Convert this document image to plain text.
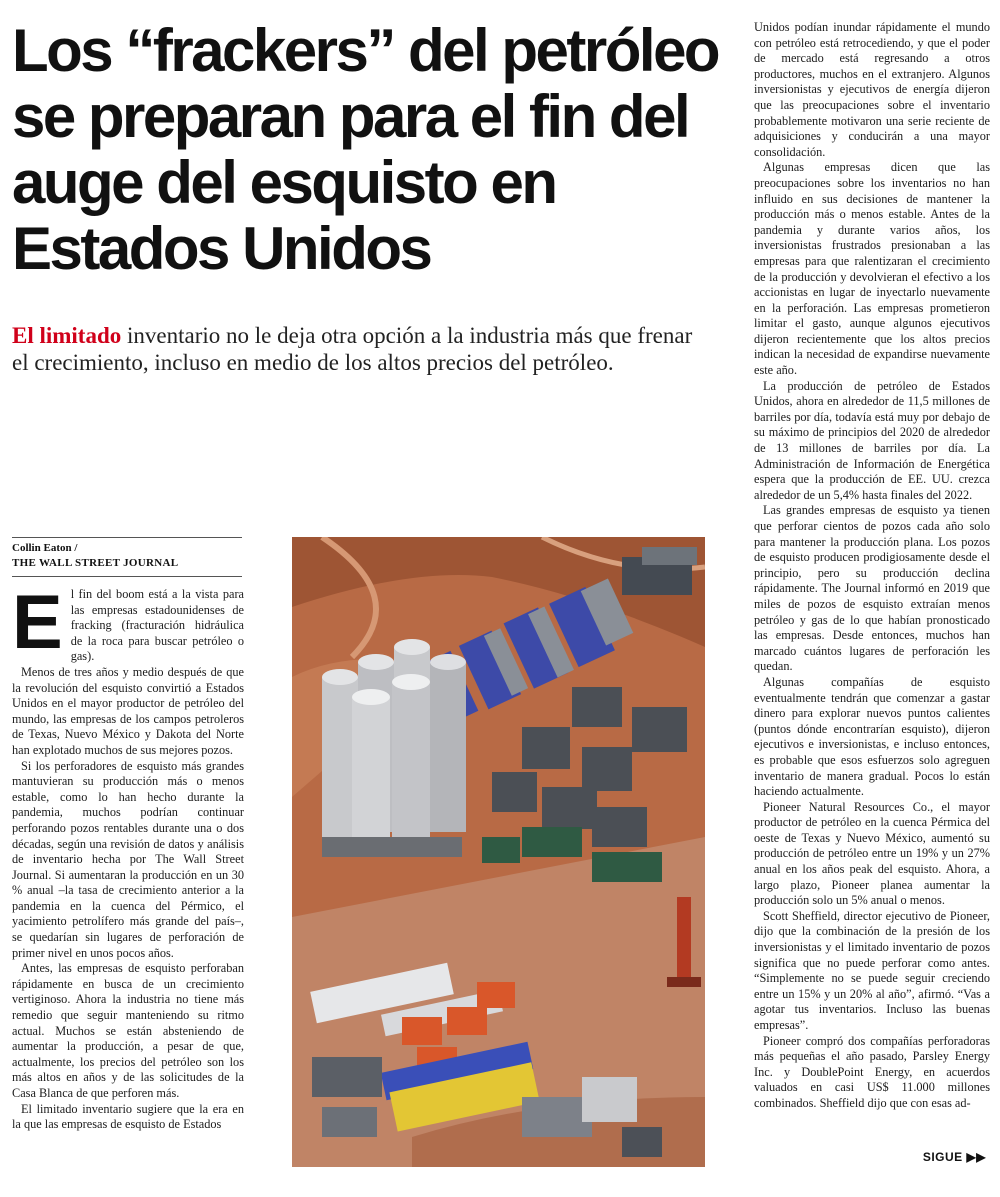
Los “frackers” del petróleo se preparan para el fin del auge del esquisto en Estados Unidos

El limitado inventario no le deja otra opción a la industria más que frenar el crecimiento, incluso en medio de los altos precios del petróleo.

Collin Eaton /
THE WALL STREET JOURNAL
E l fin del boom está a la vista para las empresas estadounidenses de fracking (fracturación hidráulica de la roca para buscar petróleo o gas).

Menos de tres años y medio después de que la revolución del esquisto convirtió a Estados Unidos en el mayor productor de petróleo del mundo, las empresas de los campos petroleros de Texas, Nuevo México y Dakota del Norte han explotado muchos de sus mejores pozos.

Si los perforadores de esquisto más grandes mantuvieran su producción más o menos estable, como lo han hecho durante la pandemia, muchos podrían continuar perforando pozos rentables durante una o dos décadas, según una revisión de datos y análisis de inventario hecha por The Wall Street Journal. Si aumentaran la producción en un 30 % anual –la tasa de crecimiento anterior a la pandemia en la cuenca del Pérmico, el yacimiento petrolífero más grande del país–, se quedarían sin lugares de perforación de primer nivel en unos pocos años.

Antes, las empresas de esquisto perforaban rápidamente en busca de un crecimiento vertiginoso. Ahora la industria no tiene más remedio que seguir manteniendo su ritmo actual. Muchos se están absteniendo de aumentar la producción, a pesar de que, actualmente, los precios del petróleo son los más altos en años y de las solicitudes de la Casa Blanca de que perforen más.

El limitado inventario sugiere que la era en la que las empresas de esquisto de Estados

Unidos podían inundar rápidamente el mundo con petróleo está retrocediendo, y que el poder de mercado está regresando a otros productores, muchos en el extranjero. Algunos inversionistas y ejecutivos de energía dijeron que las preocupaciones sobre el inventario probablemente motivaron una serie reciente de adquisiciones y conducirán a una mayor consolidación.

Algunas empresas dicen que las preocupaciones sobre los inventarios no han influido en sus decisiones de mantener la producción más o menos estable. Antes de la pandemia y durante varios años, los inversionistas frustrados presionaban a las empresas para que ralentizaran el crecimiento de la producción y devolvieran el efectivo a los accionistas en lugar de inyectarlo nuevamente en la perforación. Las empresas prometieron limitar el gasto, aunque algunos ejecutivos dijeron recientemente que los altos precios indican la necesidad de expandirse nuevamente este año.

La producción de petróleo de Estados Unidos, ahora en alrededor de 11,5 millones de barriles por día, todavía está muy por debajo de su máximo de principios del 2020 de alrededor de 13 millones de barriles por día. La Administración de Información de Energética espera que la producción de EE. UU. crezca alrededor de un 5,4% hasta finales del 2022.

Las grandes empresas de esquisto ya tienen que perforar cientos de pozos cada año solo para mantener la producción plana. Los pozos de esquisto producen prodigiosamente desde el principio, pero su producción declina rápidamente. The Journal informó en 2019 que miles de pozos de esquisto extraían menos petróleo y gas de lo que habían pronosticado las empresas. Desde entonces, muchos han marcado cuántos lugares de perforación les quedan.

Algunas compañías de esquisto eventualmente tendrán que comenzar a gastar dinero para explorar nuevos puntos calientes (puntos dónde encontrarían esquisto), dijeron ejecutivos e inversionistas, e incluso entonces, es probable que esos esfuerzos solo agreguen inventario de manera gradual. Pocos lo están haciendo actualmente.

Pioneer Natural Resources Co., el mayor productor de petróleo en la cuenca Pérmica del oeste de Texas y Nuevo México, aumentó su producción de petróleo entre un 19% y un 27% anual en los años peak del esquisto. Ahora, a largo plazo, Pioneer planea aumentar la producción solo un 5% anual o menos.

Scott Sheffield, director ejecutivo de Pioneer, dijo que la combinación de la presión de los inversionistas y el limitado inventario de pozos significa que no puede perforar como antes. “Simplemente no se puede seguir creciendo entre un 15% y un 20% al año”, afirmó. “Vas a agotar tus inventarios. Incluso las buenas empresas”.

Pioneer compró dos compañías perforadoras más pequeñas el año pasado, Parsley Energy Inc. y DoublePoint Energy, en acuerdos valuados en casi US$ 11.000 millones combinados. Sheffield dijo que con esas ad-

SIGUE ▶▶
